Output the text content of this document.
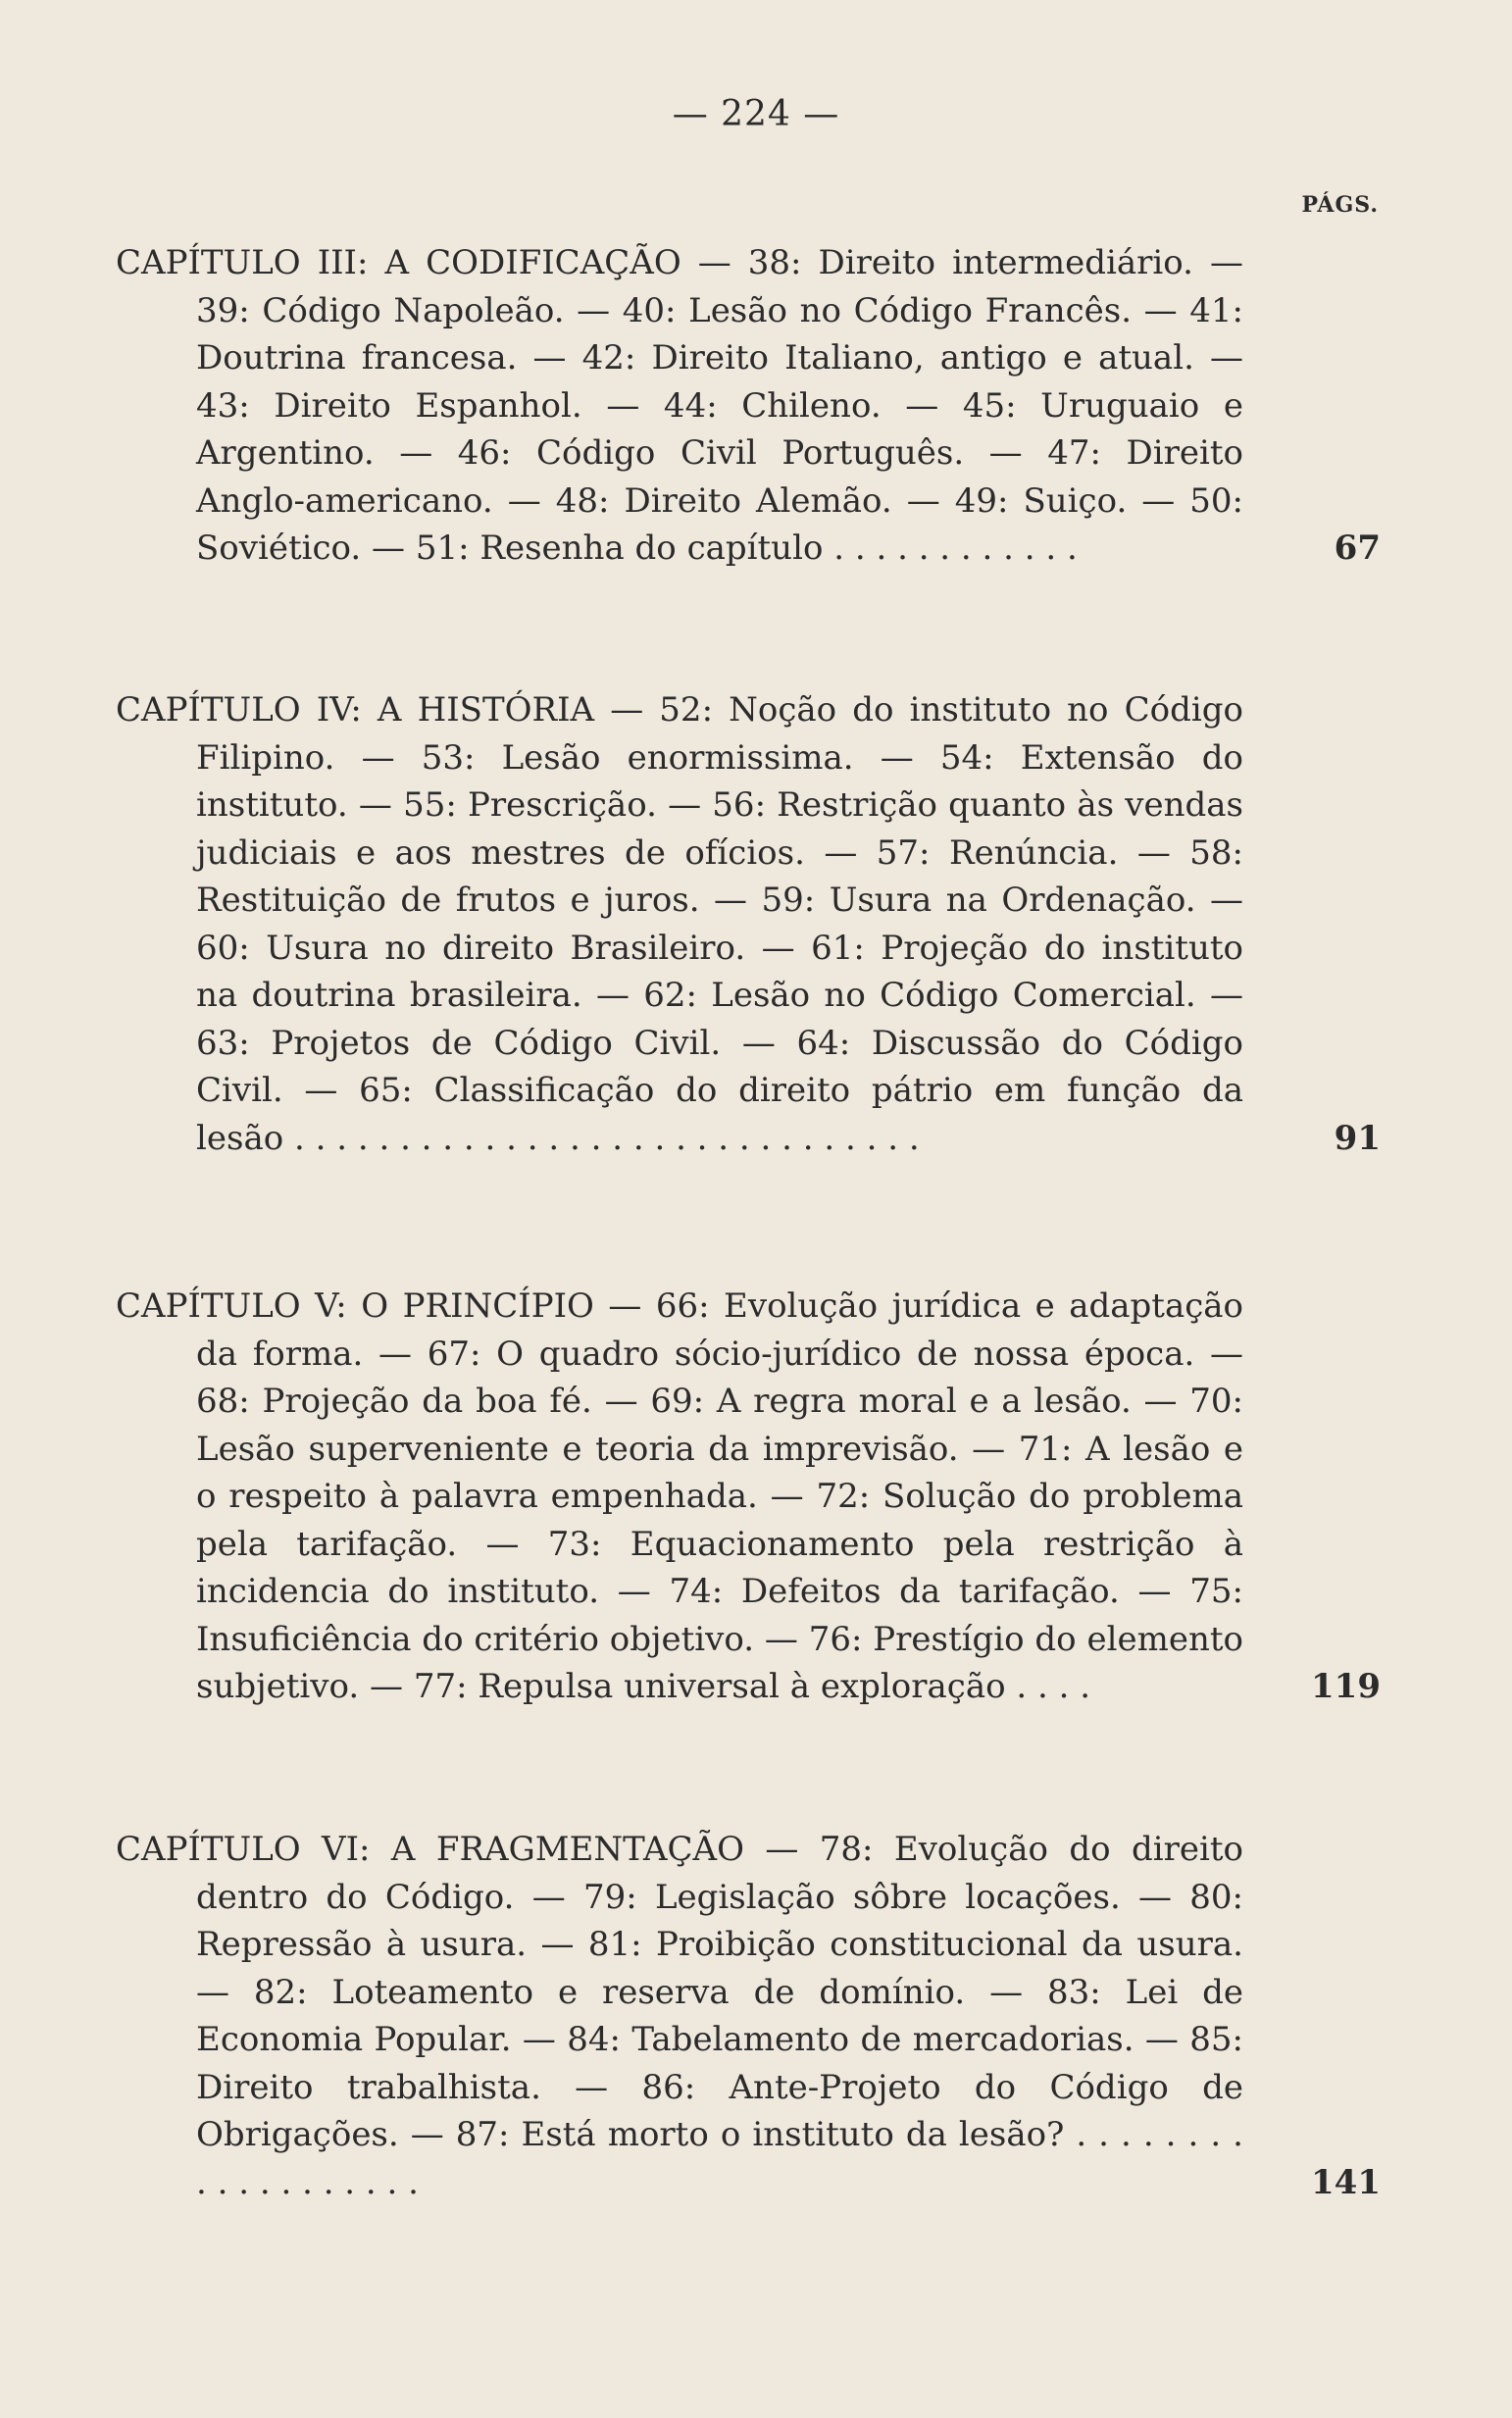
— 224 —
PÁGS.
CAPÍTULO III: A CODIFICAÇÃO — 38: Direito intermediário. — 39: Código Napoleão. — 40: Lesão no Código Francês. — 41: Doutrina francesa. — 42: Direito Italiano, antigo e atual. — 43: Direito Espanhol. — 44: Chileno. — 45: Uruguaio e Argentino. — 46: Código Civil Português. — 47: Direito Anglo-americano. — 48: Direito Alemão. — 49: Suiço. — 50: Soviético. — 51: Resenha do capítulo . . . . . . . . . . . .	67
CAPÍTULO IV: A HISTÓRIA — 52: Noção do instituto no Código Filipino. — 53: Lesão enormissima. — 54: Extensão do instituto. — 55: Prescrição. — 56: Restrição quanto às vendas judiciais e aos mestres de ofícios. — 57: Renúncia. — 58: Restituição de frutos e juros. — 59: Usura na Ordenação. — 60: Usura no direito Brasileiro. — 61: Projeção do instituto na doutrina brasileira. — 62: Lesão no Código Comercial. — 63: Projetos de Código Civil. — 64: Discussão do Código Civil. — 65: Classificação do direito pátrio em função da lesão . . . . . . . . . . . . . . . . . . . . . . . . . . . . . .	91
CAPÍTULO V: O PRINCÍPIO — 66: Evolução jurídica e adaptação da forma. — 67: O quadro sócio-jurídico de nossa época. — 68: Projeção da boa fé. — 69: A regra moral e a lesão. — 70: Lesão superveniente e teoria da imprevisão. — 71: A lesão e o respeito à palavra empenhada. — 72: Solução do problema pela tarifação. — 73: Equacionamento pela restrição à incidencia do instituto. — 74: Defeitos da tarifação. — 75: Insuficiência do critério objetivo. — 76: Prestígio do elemento subjetivo. — 77: Repulsa universal à exploração . . . .	119
CAPÍTULO VI: A FRAGMENTAÇÃO — 78: Evolução do direito dentro do Código. — 79: Legislação sôbre locações. — 80: Repressão à usura. — 81: Proibição constitucional da usura. — 82: Loteamento e reserva de domínio. — 83: Lei de Economia Popular. — 84: Tabelamento de mercadorias. — 85: Direito trabalhista. — 86: Ante-Projeto do Código de Obrigações. — 87: Está morto o instituto da lesão? . . . . . . . . . . . . . . . . . . .	141
